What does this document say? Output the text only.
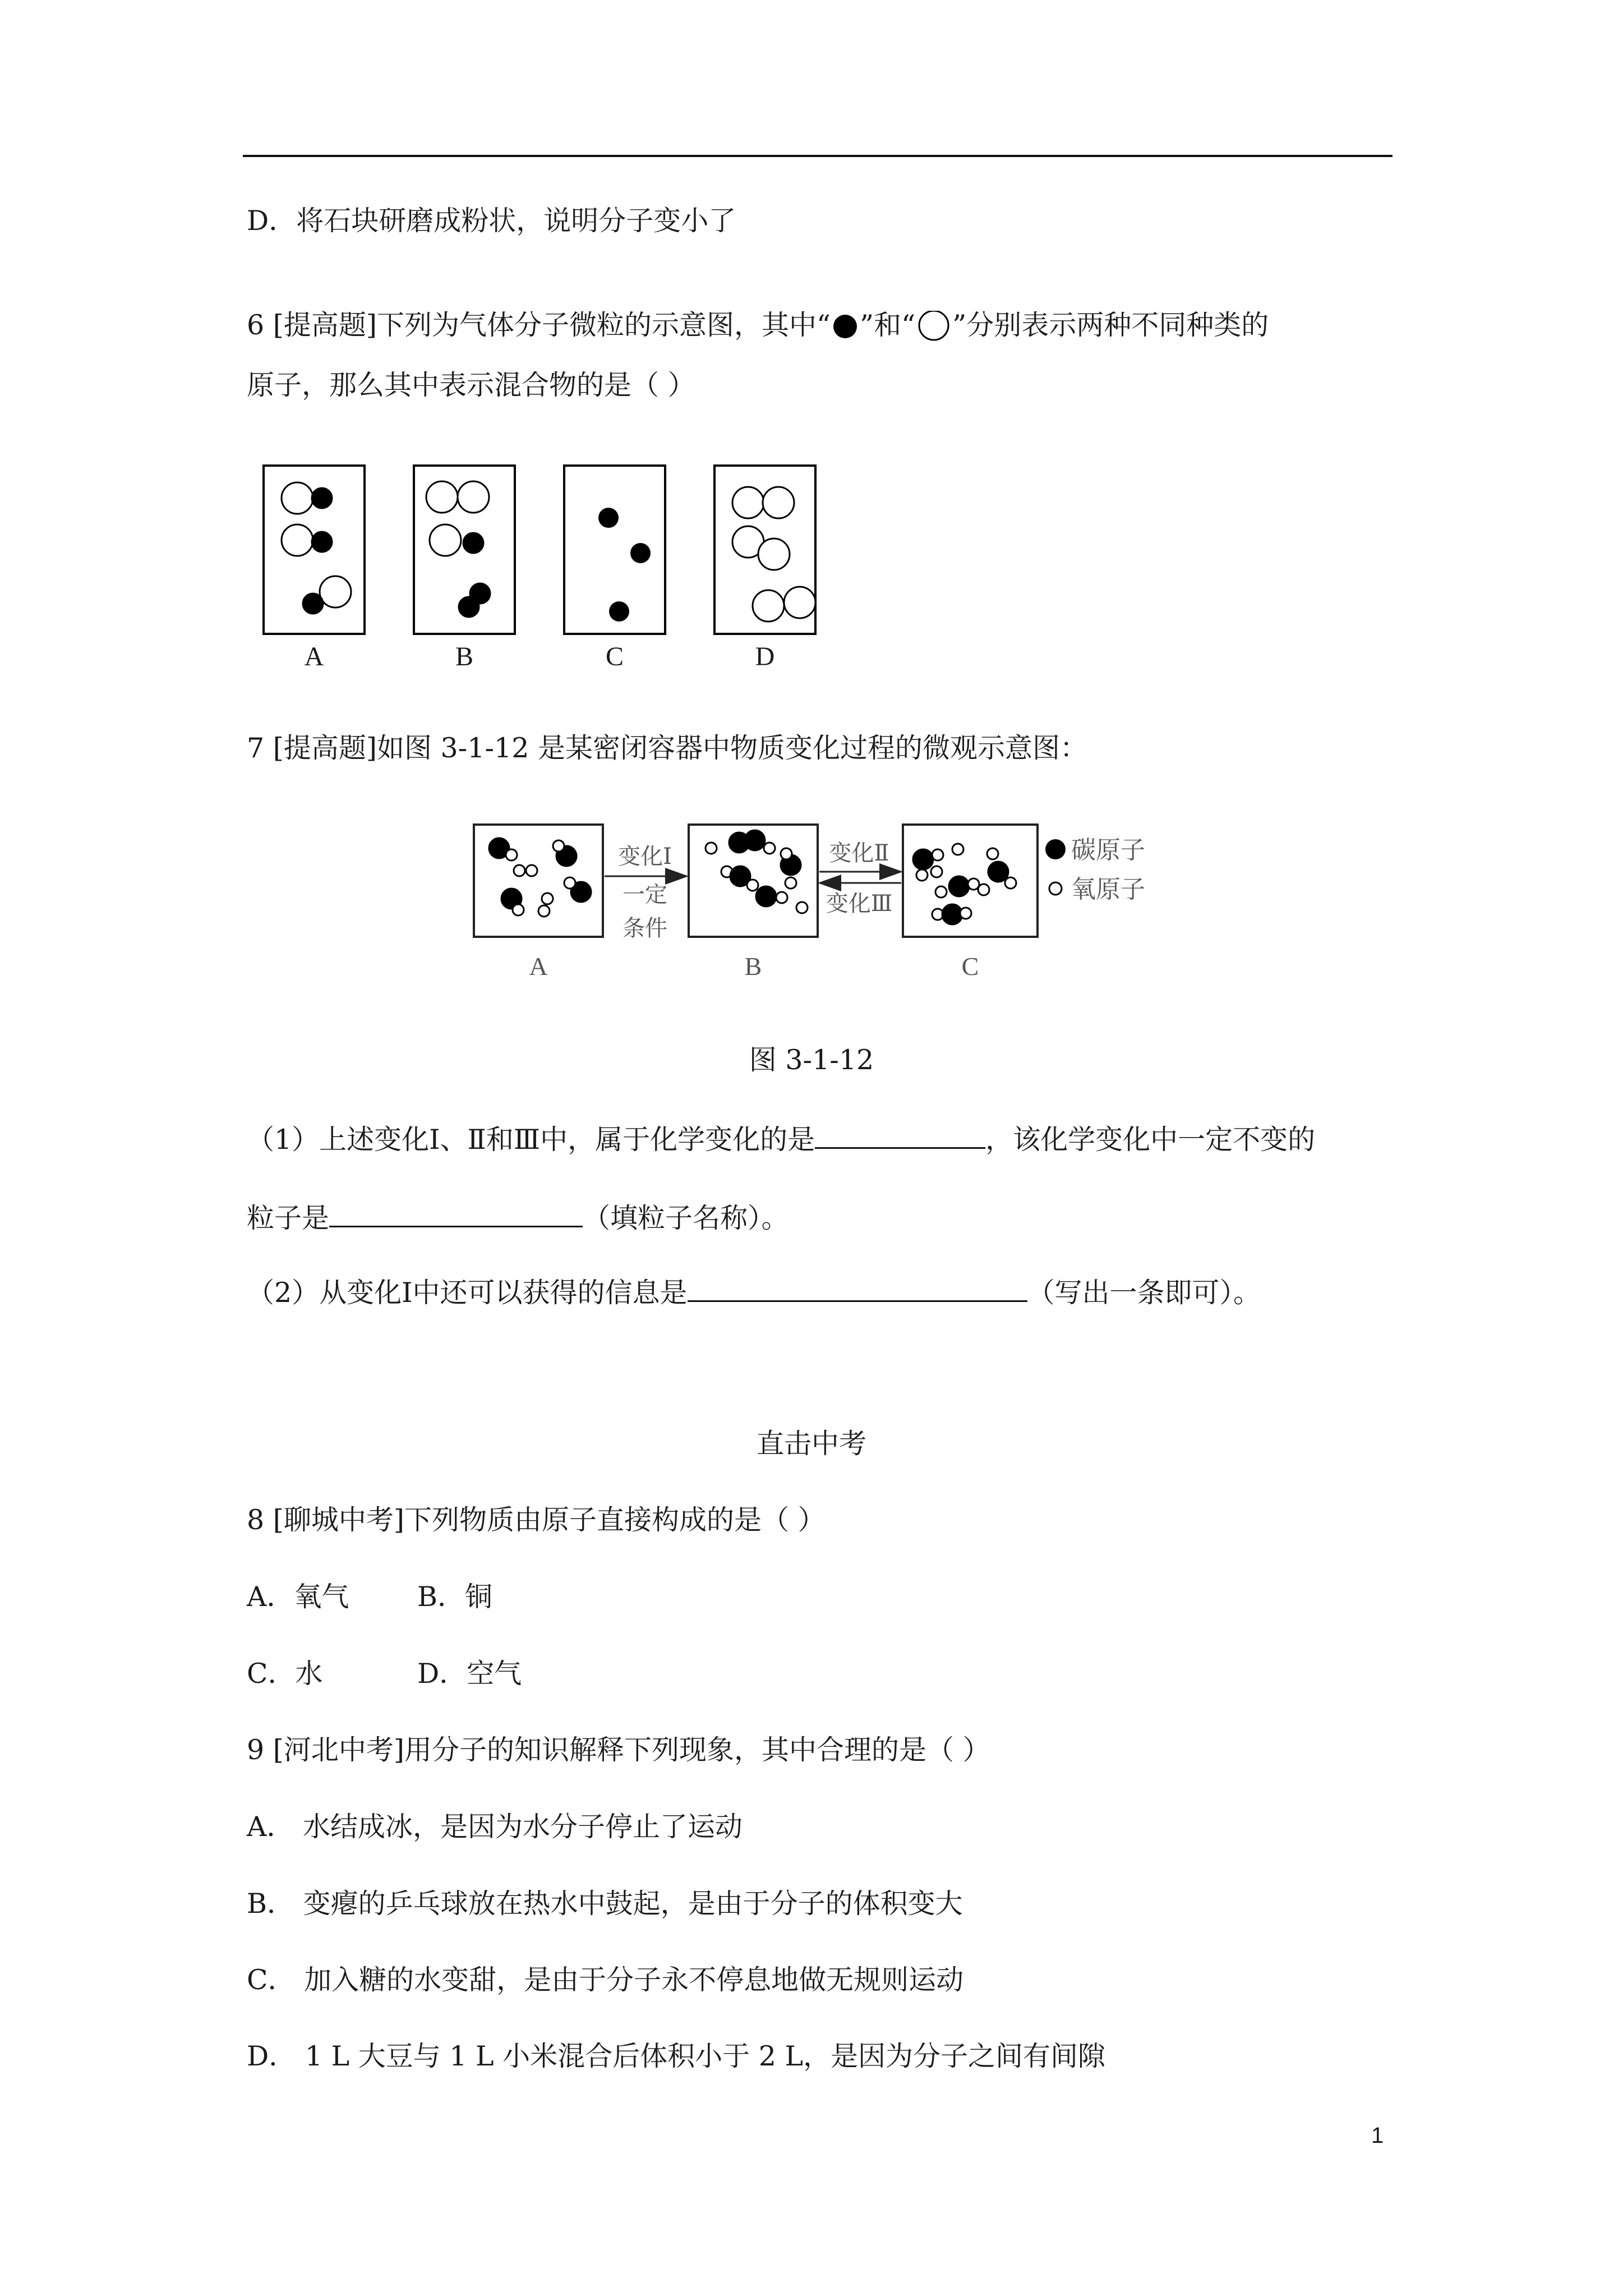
D．将石块研磨成粉状，说明分子变小了
6 [提高题]下列为气体分子微粒的示意图，其中“ ”和“ ”分别表示两种不同种类的
原子，那么其中表示混合物的是（ ）
A	B	C	D
7 [提高题]如图 3-1-12 是某密闭容器中物质变化过程的微观示意图：
变化Ⅰ
一定
条件
变化Ⅱ
变化Ⅲ
碳原子
氧原子
A	B	C
图 3-1-12
（1）上述变化Ⅰ、Ⅱ和Ⅲ中，属于化学变化的是	，该化学变化中一定不变的
粒子是	（填粒子名称）。
（2）从变化Ⅰ中还可以获得的信息是	（写出一条即可）。
直击中考
8 [聊城中考]下列物质由原子直接构成的是（ ）
A．氧气 B．铜
C．水	D．空气
9 [河北中考]用分子的知识解释下列现象，其中合理的是（ ）
A． 水结成冰，是因为水分子停止了运动
B． 变瘪的乒乓球放在热水中鼓起，是由于分子的体积变大
C． 加入糖的水变甜，是由于分子永不停息地做无规则运动
D． 1 L 大豆与 1 L 小米混合后体积小于 2 L，是因为分子之间有间隙
1
